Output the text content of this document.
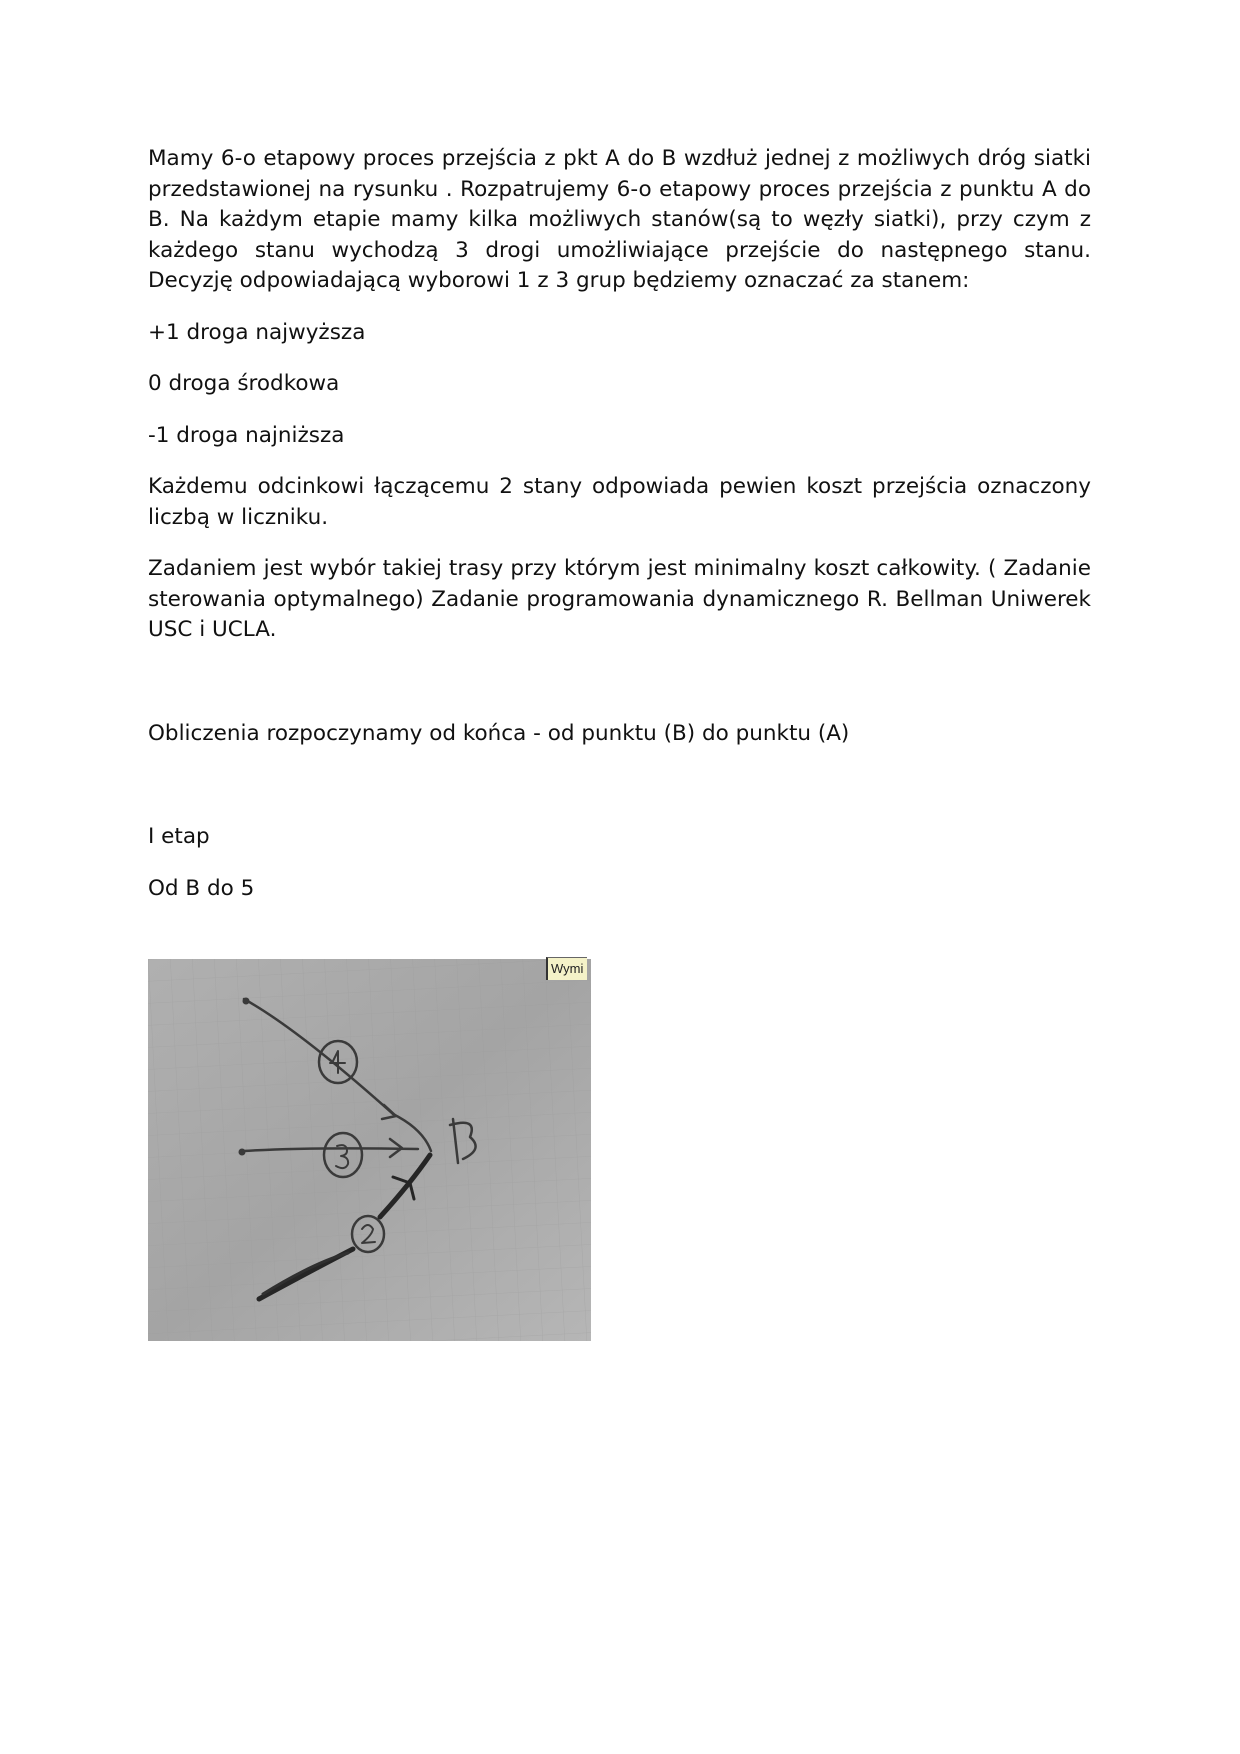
Mamy 6-o etapowy proces przejścia z pkt A do B wzdłuż jednej z możliwych dróg siatki przedstawionej na rysunku . Rozpatrujemy 6-o etapowy proces przejścia z punktu A do B. Na każdym etapie mamy kilka możliwych stanów(są to węzły siatki), przy czym z każdego stanu wychodzą 3 drogi umożliwiające przejście do następnego stanu. Decyzję odpowiadającą wyborowi 1 z 3 grup będziemy oznaczać za stanem:

+1 droga najwyższa

0 droga środkowa

-1 droga najniższa

Każdemu odcinkowi łączącemu 2 stany odpowiada pewien koszt przejścia oznaczony liczbą w liczniku.

Zadaniem jest wybór takiej trasy przy którym jest minimalny koszt całkowity. ( Zadanie sterowania optymalnego) Zadanie programowania dynamicznego R. Bellman Uniwerek USC i UCLA.

Obliczenia rozpoczynamy od końca - od punktu (B) do punktu (A)

I etap

Od B do 5

Wymi
